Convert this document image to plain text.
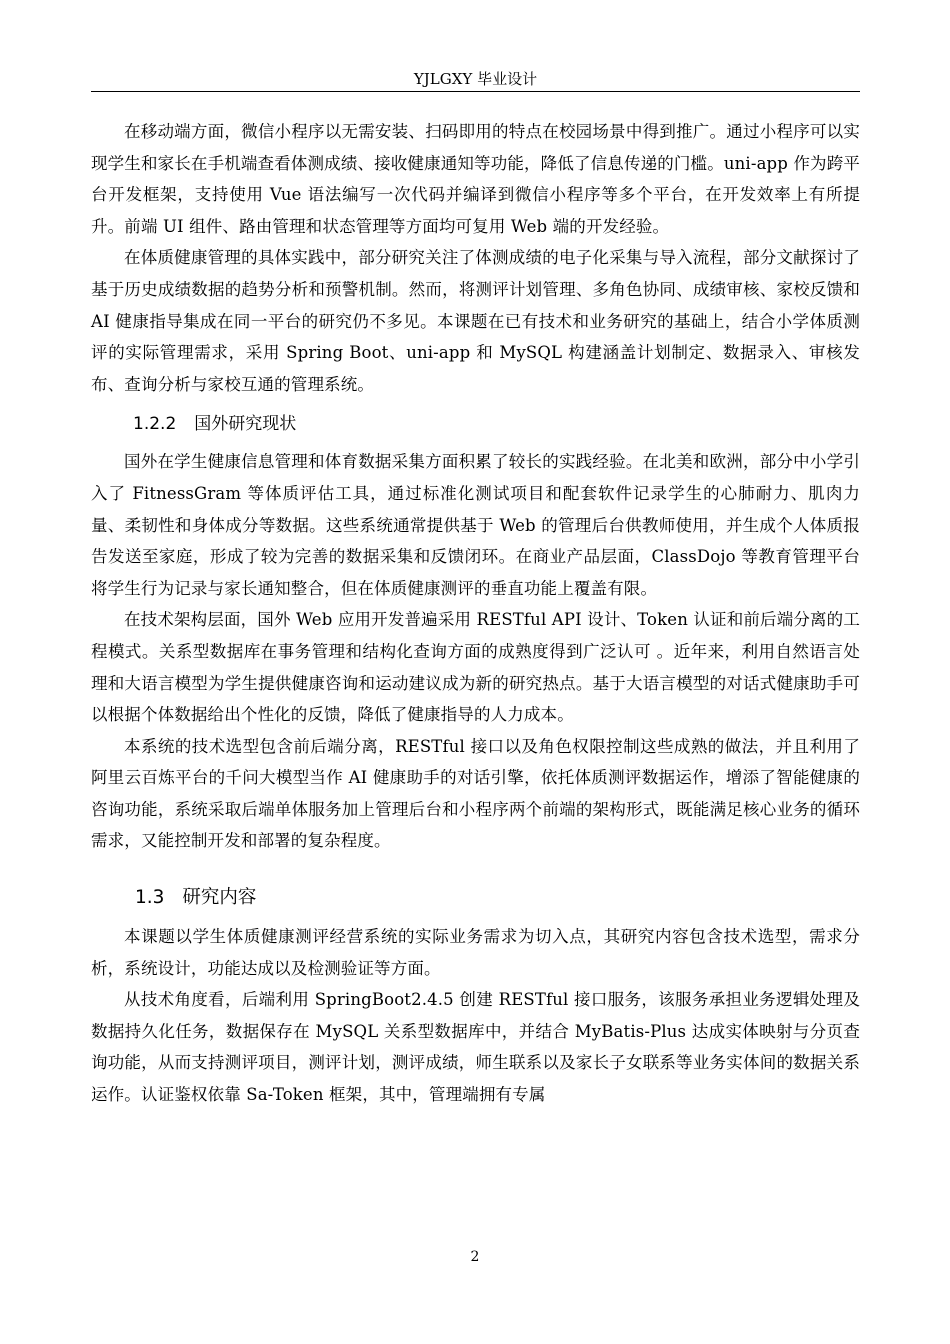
YJLGXY 毕业设计

在移动端方面，微信小程序以无需安装、扫码即用的特点在校园场景中得到推广。通过小程序可以实现学生和家长在手机端查看体测成绩、接收健康通知等功能，降低了信息传递的门槛。uni-app 作为跨平台开发框架，支持使用 Vue 语法编写一次代码并编译到微信小程序等多个平台，在开发效率上有所提升。前端 UI 组件、路由管理和状态管理等方面均可复用 Web 端的开发经验。

在体质健康管理的具体实践中，部分研究关注了体测成绩的电子化采集与导入流程，部分文献探讨了基于历史成绩数据的趋势分析和预警机制。然而，将测评计划管理、多角色协同、成绩审核、家校反馈和 AI 健康指导集成在同一平台的研究仍不多见。本课题在已有技术和业务研究的基础上，结合小学体质测评的实际管理需求，采用 Spring Boot、uni-app 和 MySQL 构建涵盖计划制定、数据录入、审核发布、查询分析与家校互通的管理系统。

1.2.2 国外研究现状

国外在学生健康信息管理和体育数据采集方面积累了较长的实践经验。在北美和欧洲，部分中小学引入了 FitnessGram 等体质评估工具，通过标准化测试项目和配套软件记录学生的心肺耐力、肌肉力量、柔韧性和身体成分等数据。这些系统通常提供基于 Web 的管理后台供教师使用，并生成个人体质报告发送至家庭，形成了较为完善的数据采集和反馈闭环。在商业产品层面，ClassDojo 等教育管理平台将学生行为记录与家长通知整合，但在体质健康测评的垂直功能上覆盖有限。

在技术架构层面，国外 Web 应用开发普遍采用 RESTful API 设计、Token 认证和前后端分离的工程模式。关系型数据库在事务管理和结构化查询方面的成熟度得到广泛认可 。近年来，利用自然语言处理和大语言模型为学生提供健康咨询和运动建议成为新的研究热点。基于大语言模型的对话式健康助手可以根据个体数据给出个性化的反馈，降低了健康指导的人力成本。

本系统的技术选型包含前后端分离，RESTful 接口以及角色权限控制这些成熟的做法，并且利用了阿里云百炼平台的千问大模型当作 AI 健康助手的对话引擎，依托体质测评数据运作，增添了智能健康的咨询功能，系统采取后端单体服务加上管理后台和小程序两个前端的架构形式，既能满足核心业务的循环需求，又能控制开发和部署的复杂程度。

1.3 研究内容

本课题以学生体质健康测评经营系统的实际业务需求为切入点，其研究内容包含技术选型，需求分析，系统设计，功能达成以及检测验证等方面。

从技术角度看，后端利用 SpringBoot2.4.5 创建 RESTful 接口服务，该服务承担业务逻辑处理及数据持久化任务，数据保存在 MySQL 关系型数据库中，并结合 MyBatis-Plus 达成实体映射与分页查询功能，从而支持测评项目，测评计划，测评成绩，师生联系以及家长子女联系等业务实体间的数据关系运作。认证鉴权依靠 Sa-Token 框架，其中，管理端拥有专属

2
